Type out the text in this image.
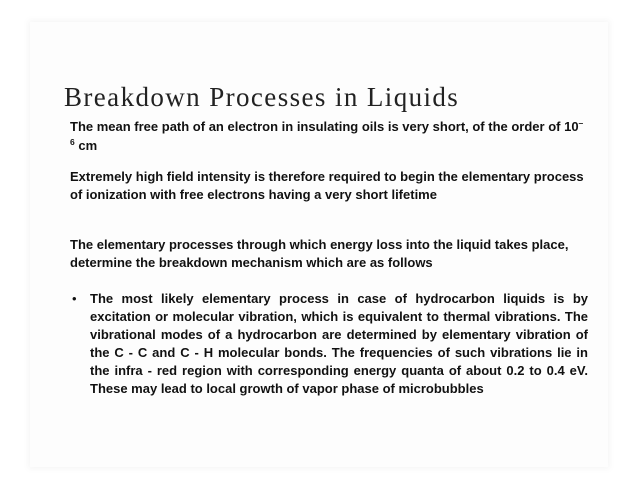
Breakdown Processes in Liquids

The mean free path of an electron in insulating oils is very short, of the order of $10^{- 6}$ cm

Extremely high field intensity is therefore required to begin the elementary process of ionization with free electrons having a very short lifetime

The elementary processes through which energy loss into the liquid takes place, determine the breakdown mechanism which are as follows

• The most likely elementary process in case of hydrocarbon liquids is by excitation or molecular vibration, which is equivalent to thermal vibrations. The vibrational modes of a hydrocarbon are determined by elementary vibration of the C - C and C - H molecular bonds. The frequencies of such vibrations lie in the infra - red region with corresponding energy quanta of about 0.2 to 0.4 eV. These may lead to local growth of vapor phase of microbubbles
